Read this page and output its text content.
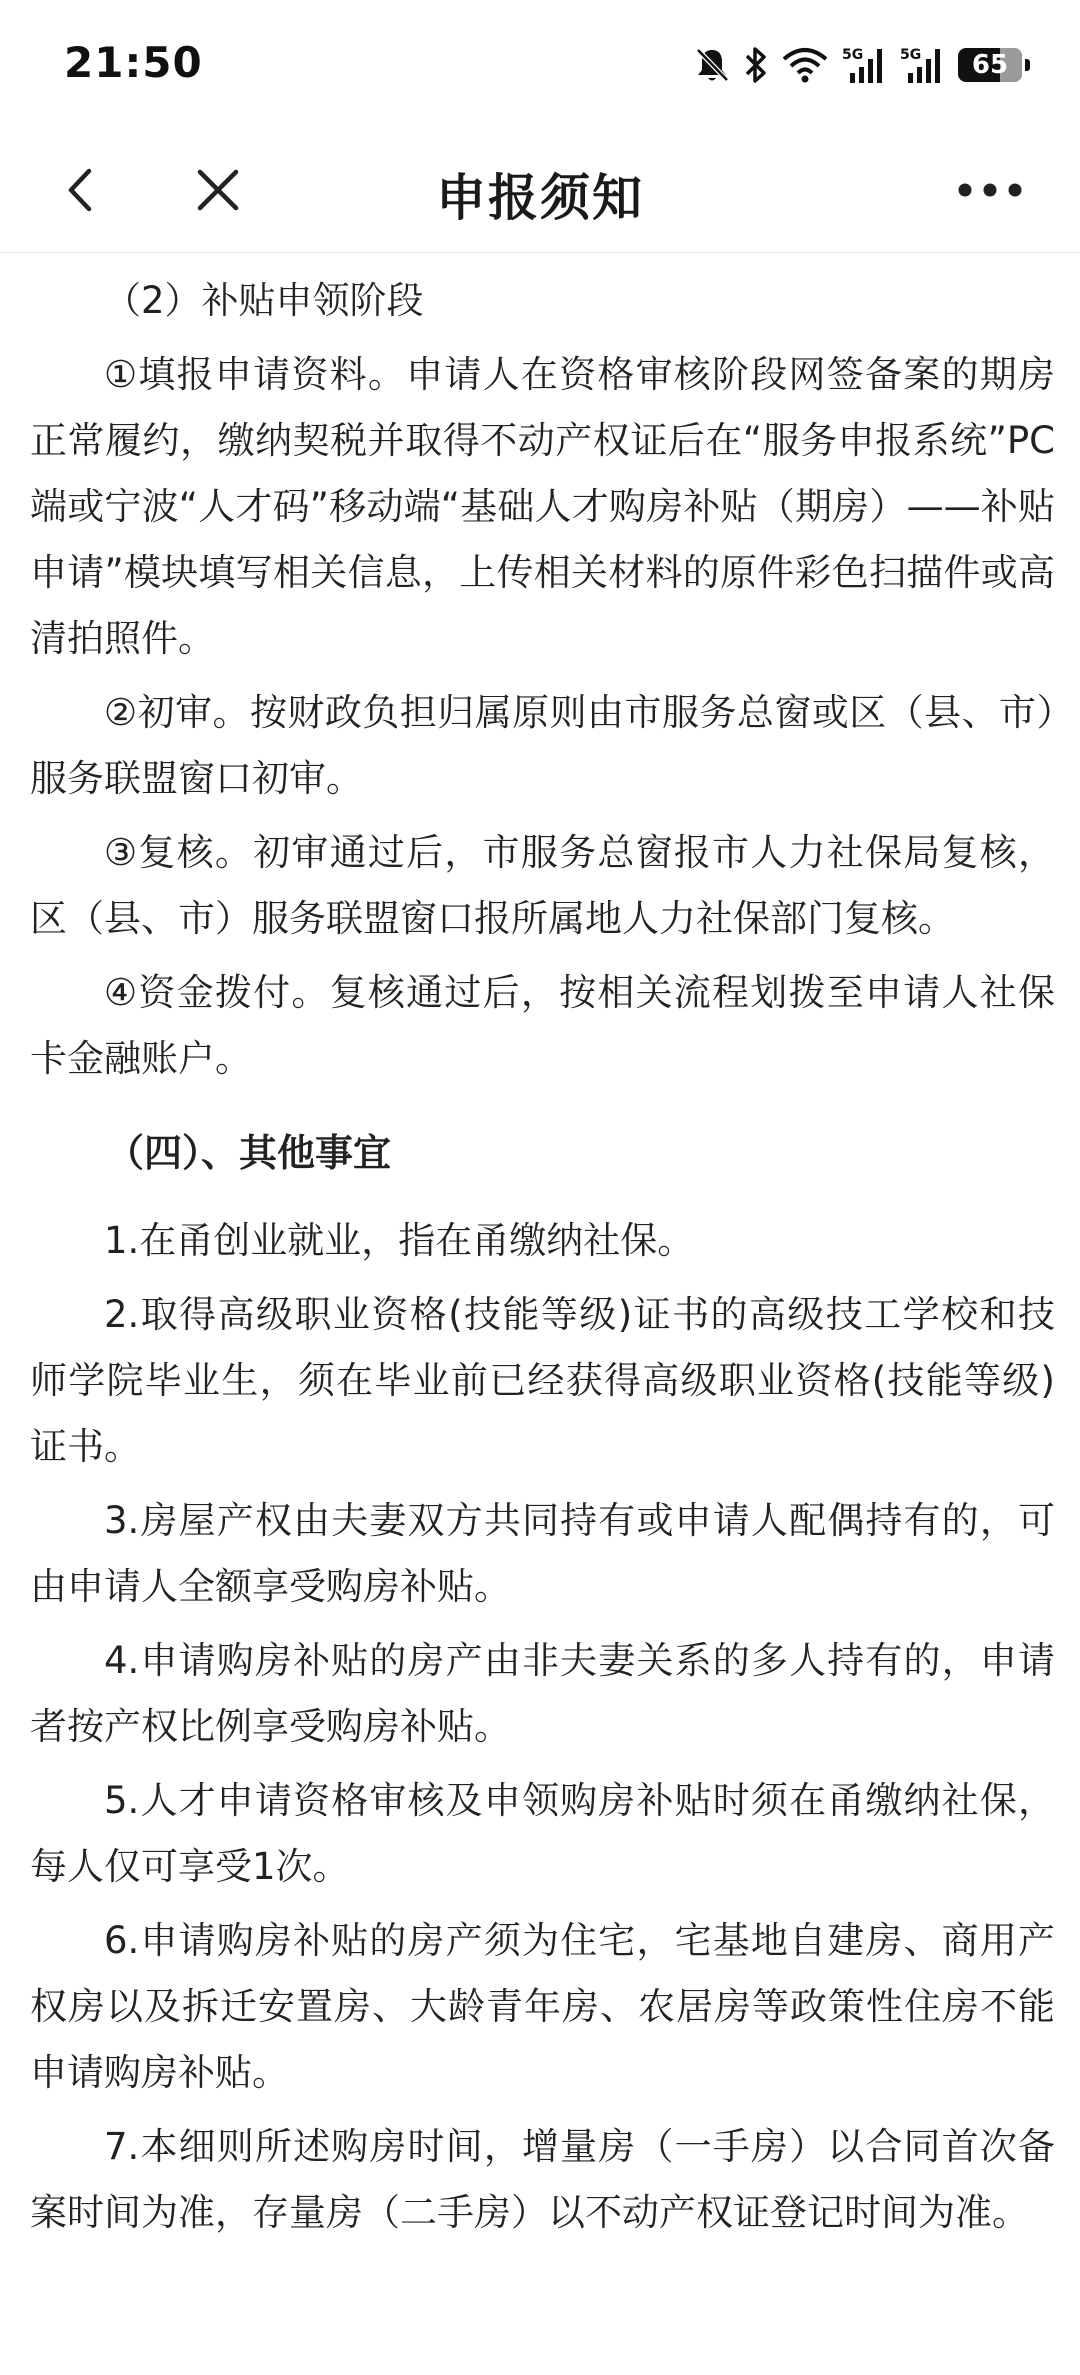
21:50	5G	5G 65
申报须知

（2）补贴申领阶段

①填报申请资料。申请人在资格审核阶段网签备案的期房正常履约，缴纳契税并取得不动产权证后在“服务申报系统”PC端或宁波“人才码”移动端“基础人才购房补贴（期房）——补贴申请”模块填写相关信息，上传相关材料的原件彩色扫描件或高清拍照件。

②初审。按财政负担归属原则由市服务总窗或区（县、市）服务联盟窗口初审。

③复核。初审通过后，市服务总窗报市人力社保局复核，区（县、市）服务联盟窗口报所属地人力社保部门复核。

④资金拨付。复核通过后，按相关流程划拨至申请人社保卡金融账户。

（四）、其他事宜

1.在甬创业就业，指在甬缴纳社保。

2.取得高级职业资格(技能等级)证书的高级技工学校和技师学院毕业生，须在毕业前已经获得高级职业资格(技能等级)证书。

3.房屋产权由夫妻双方共同持有或申请人配偶持有的，可由申请人全额享受购房补贴。

4.申请购房补贴的房产由非夫妻关系的多人持有的，申请者按产权比例享受购房补贴。

5.人才申请资格审核及申领购房补贴时须在甬缴纳社保，每人仅可享受1次。

6.申请购房补贴的房产须为住宅，宅基地自建房、商用产权房以及拆迁安置房、大龄青年房、农居房等政策性住房不能申请购房补贴。

7.本细则所述购房时间，增量房（一手房）以合同首次备案时间为准，存量房（二手房）以不动产权证登记时间为准。
